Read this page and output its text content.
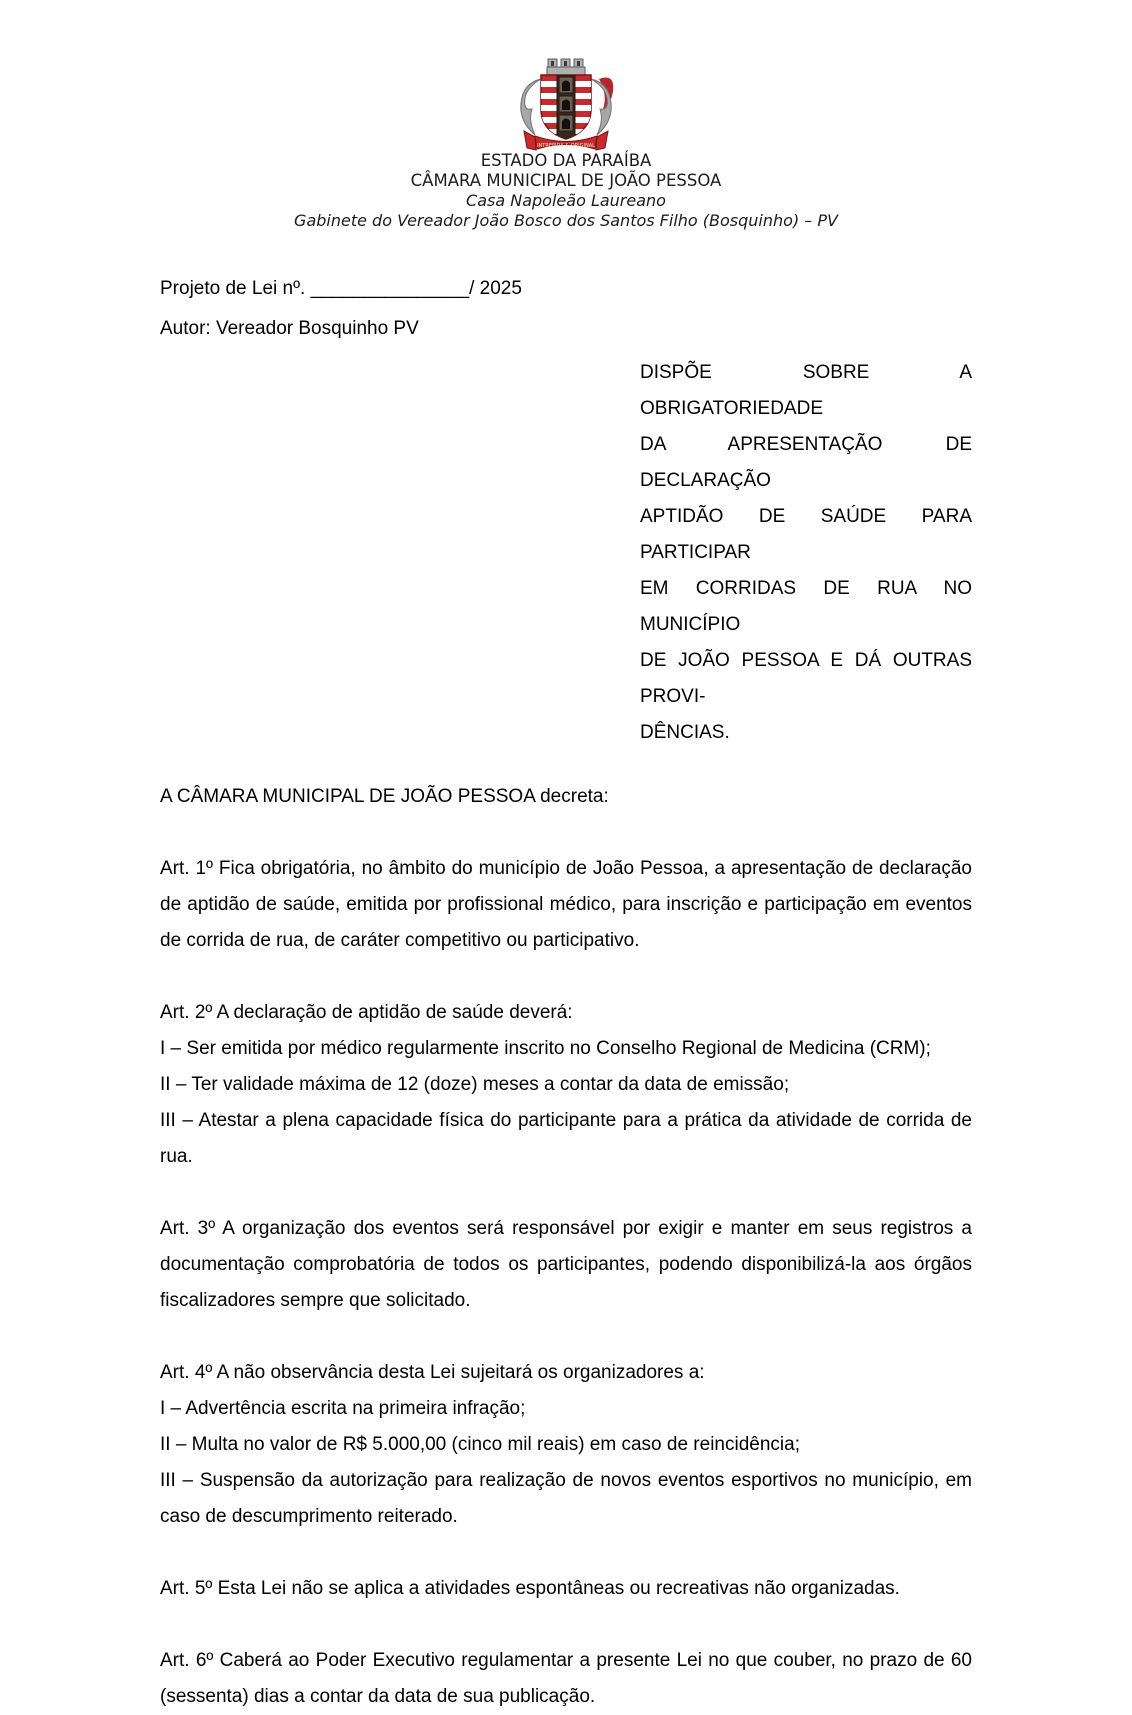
INTREPIDA & ORIGINAL
ESTADO DA PARAÍBA
CÂMARA MUNICIPAL DE JOÃO PESSOA
Casa Napoleão Laureano
Gabinete do Vereador João Bosco dos Santos Filho (Bosquinho) – PV
Projeto de Lei nº. _______________/ 2025
Autor: Vereador Bosquinho PV
DISPÕE SOBRE A OBRIGATORIEDADE
DA APRESENTAÇÃO DE DECLARAÇÃO
APTIDÃO DE SAÚDE PARA PARTICIPAR
EM CORRIDAS DE RUA NO MUNICÍPIO
DE JOÃO PESSOA E DÁ OUTRAS PROVI-
DÊNCIAS.
A CÂMARA MUNICIPAL DE JOÃO PESSOA decreta:
Art. 1º Fica obrigatória, no âmbito do município de João Pessoa, a apresentação de declaração de aptidão de saúde, emitida por profissional médico, para inscrição e participação em eventos de corrida de rua, de caráter competitivo ou participativo.
Art. 2º A declaração de aptidão de saúde deverá:
I – Ser emitida por médico regularmente inscrito no Conselho Regional de Medicina (CRM);
II – Ter validade máxima de 12 (doze) meses a contar da data de emissão;
III – Atestar a plena capacidade física do participante para a prática da atividade de corrida de rua.
Art. 3º A organização dos eventos será responsável por exigir e manter em seus registros a documentação comprobatória de todos os participantes, podendo disponibilizá-la aos órgãos fiscalizadores sempre que solicitado.
Art. 4º A não observância desta Lei sujeitará os organizadores a:
I – Advertência escrita na primeira infração;
II – Multa no valor de R$ 5.000,00 (cinco mil reais) em caso de reincidência;
III – Suspensão da autorização para realização de novos eventos esportivos no município, em caso de descumprimento reiterado.
Art. 5º Esta Lei não se aplica a atividades espontâneas ou recreativas não organizadas.
Art. 6º Caberá ao Poder Executivo regulamentar a presente Lei no que couber, no prazo de 60 (sessenta) dias a contar da data de sua publicação.
